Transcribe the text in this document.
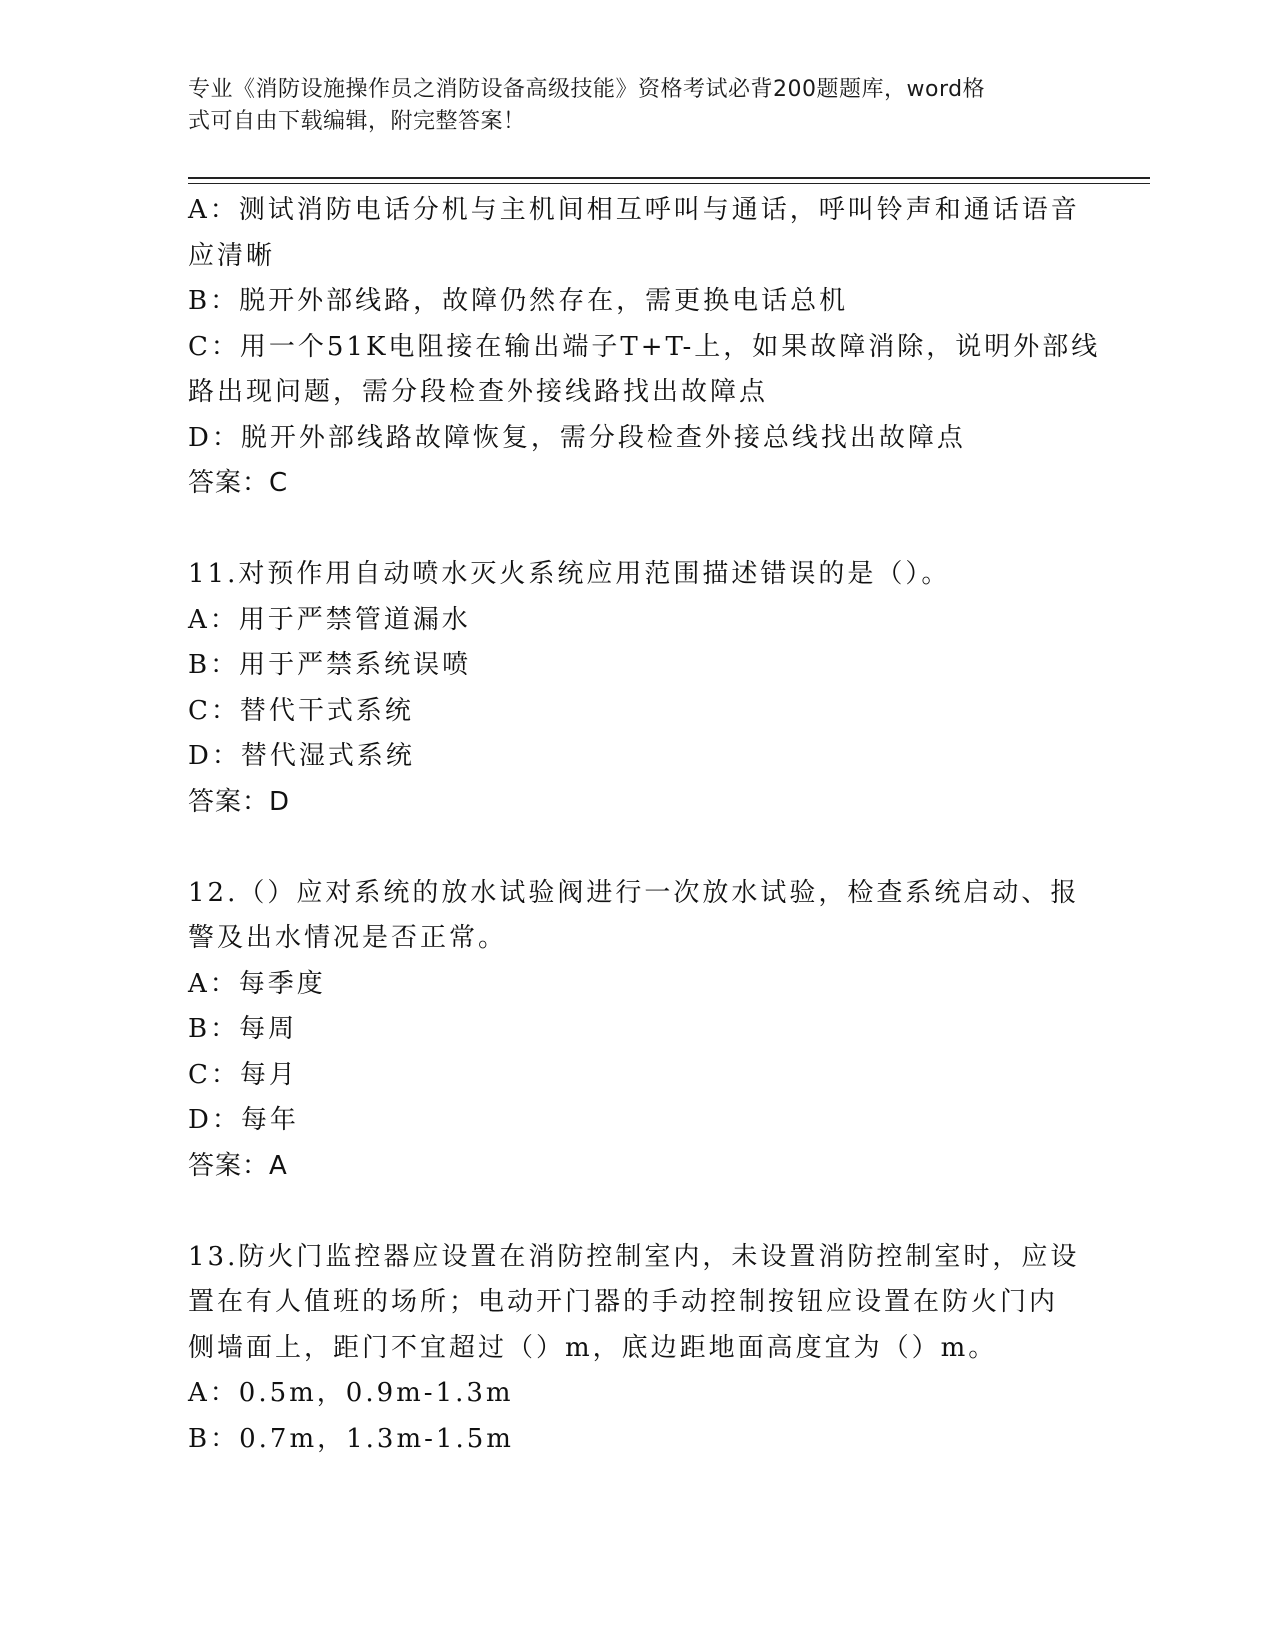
专业《消防设施操作员之消防设备高级技能》资格考试必背200题题库，word格
式可自由下载编辑，附完整答案！
A：测试消防电话分机与主机间相互呼叫与通话，呼叫铃声和通话语音
应清晰
B：脱开外部线路，故障仍然存在，需更换电话总机
C：用一个51K电阻接在输出端子T+T-上，如果故障消除，说明外部线
路出现问题，需分段检查外接线路找出故障点
D：脱开外部线路故障恢复，需分段检查外接总线找出故障点
答案：C
11.对预作用自动喷水灭火系统应用范围描述错误的是（）。
A：用于严禁管道漏水
B：用于严禁系统误喷
C：替代干式系统
D：替代湿式系统
答案：D
12.（）应对系统的放水试验阀进行一次放水试验，检查系统启动、报
警及出水情况是否正常。
A：每季度
B：每周
C：每月
D：每年
答案：A
13.防火门监控器应设置在消防控制室内，未设置消防控制室时，应设
置在有人值班的场所；电动开门器的手动控制按钮应设置在防火门内
侧墙面上，距门不宜超过（）m，底边距地面高度宜为（）m。
A：0.5m，0.9m-1.3m
B：0.7m，1.3m-1.5m
